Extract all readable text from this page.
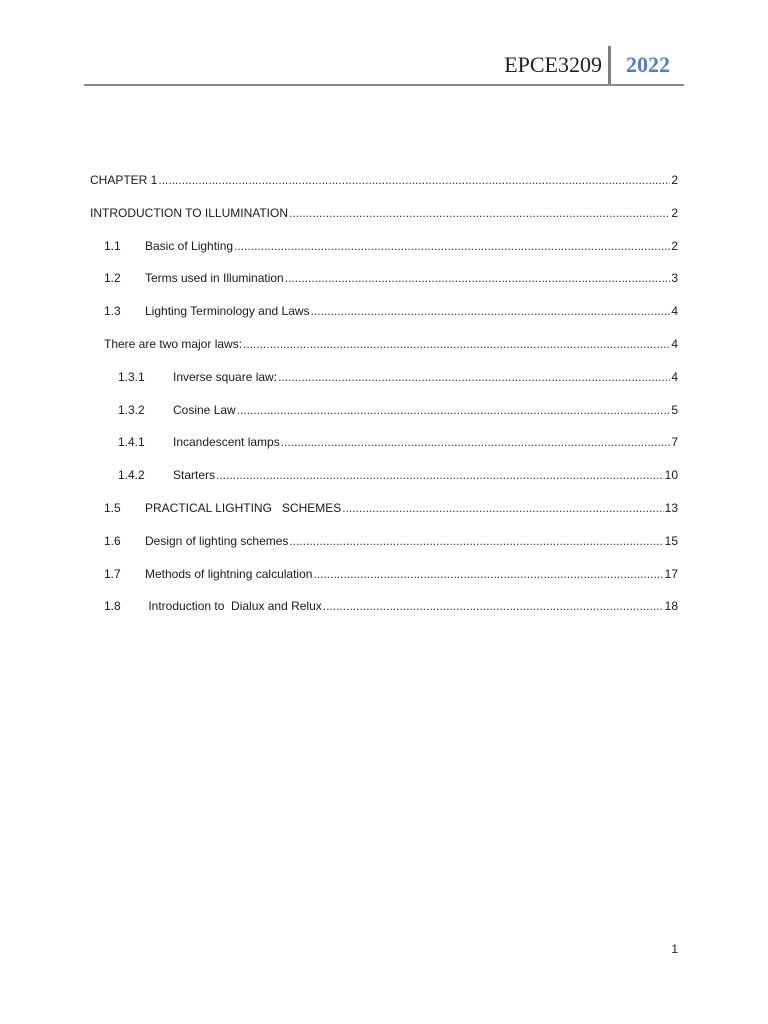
EPCE3209 2022
CHAPTER 1 .....	2
INTRODUCTION TO ILLUMINATION .....	2
1.1	Basic of Lighting .....	2
1.2	Terms used in Illumination .....	3
1.3	Lighting Terminology and Laws .....	4
There are two major laws: .....	4
1.3.1	Inverse square law: .....	4
1.3.2	Cosine Law .....	5
1.4.1	Incandescent lamps .....	7
1.4.2	Starters .....	10
1.5	PRACTICAL LIGHTING   SCHEMES .....	13
1.6	Design of lighting schemes .....	15
1.7	Methods of lightning calculation .....	17
1.8	Introduction to  Dialux and Relux .....	18
1
